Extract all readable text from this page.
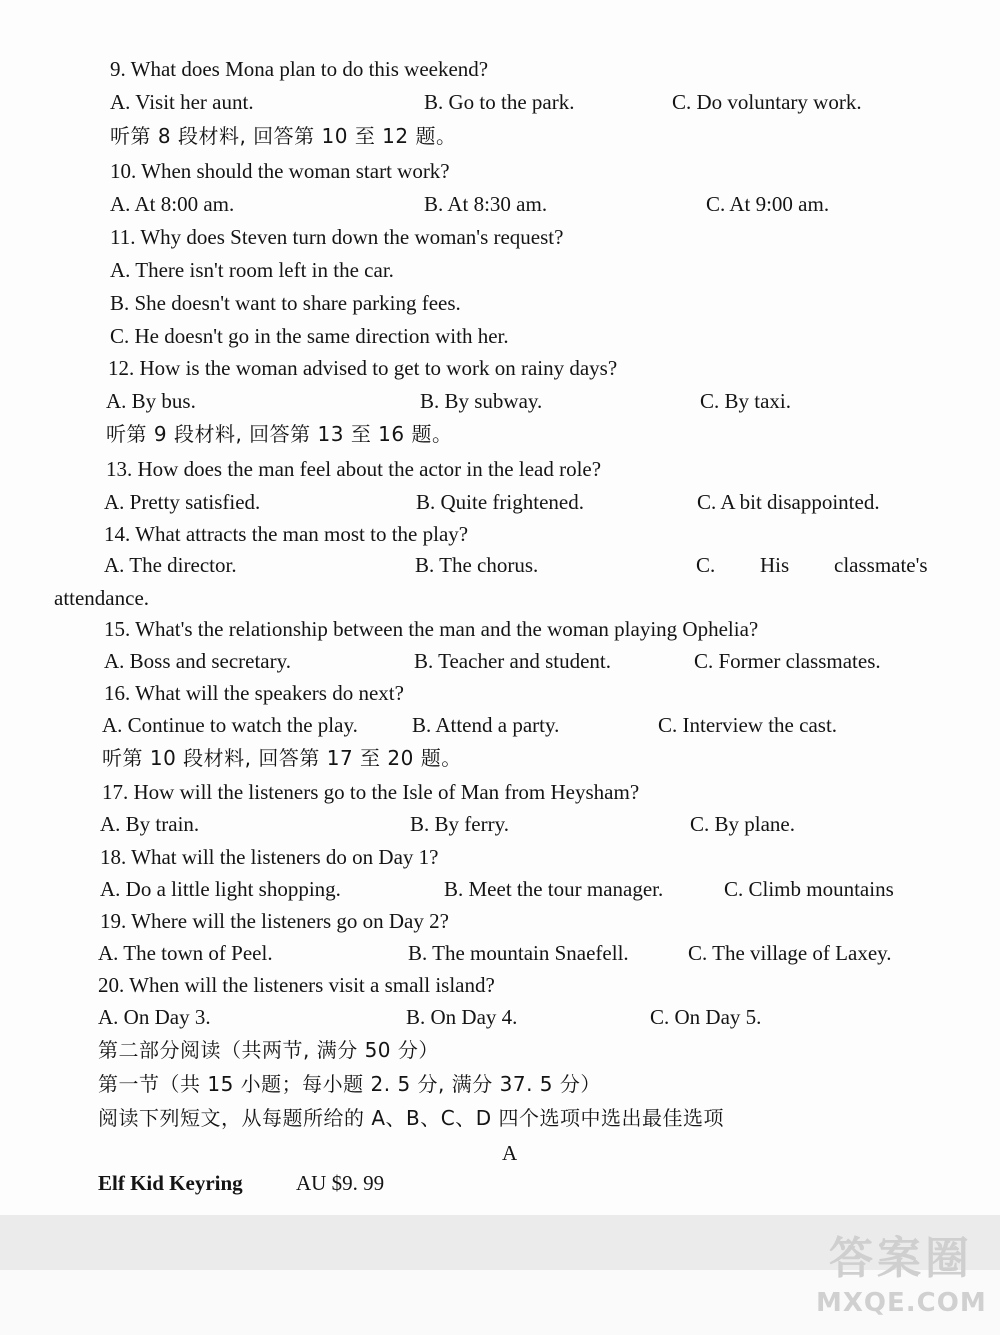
9. What does Mona plan to do this weekend?
A. Visit her aunt.	B. Go to the park.	C. Do voluntary work.
听第 8 段材料, 回答第 10 至 12 题。
10. When should the woman start work?
A. At 8:00 am.	B. At 8:30 am.	C. At 9:00 am.
11. Why does Steven turn down the woman's request?
A. There isn't room left in the car.
B. She doesn't want to share parking fees.
C. He doesn't go in the same direction with her.
12. How is the woman advised to get to work on rainy days?
A. By bus.	B. By subway.	C. By taxi.
听第 9 段材料, 回答第 13 至 16 题。
13. How does the man feel about the actor in the lead role?
A. Pretty satisfied.	B. Quite frightened.	C. A bit disappointed.
14. What attracts the man most to the play?
A. The director.	B. The chorus.	C. His classmate's
attendance.
15. What's the relationship between the man and the woman playing Ophelia?
A. Boss and secretary.	B. Teacher and student.	C. Former classmates.
16. What will the speakers do next?
A. Continue to watch the play.	B. Attend a party.	C. Interview the cast.
听第 10 段材料, 回答第 17 至 20 题。
17. How will the listeners go to the Isle of Man from Heysham?
A. By train.	B. By ferry.	C. By plane.
18. What will the listeners do on Day 1?
A. Do a little light shopping.	B. Meet the tour manager.	C. Climb mountains
19. Where will the listeners go on Day 2?
A. The town of Peel.	B. The mountain Snaefell.	C. The village of Laxey.
20. When will the listeners visit a small island?
A. On Day 3.	B. On Day 4.	C. On Day 5.
第二部分阅读（共两节, 满分 50 分）
第一节（共 15 小题；每小题 2. 5 分, 满分 37. 5 分）
阅读下列短文，从每题所给的 A、B、C、D 四个选项中选出最佳选项
A
Elf Kid Keyring	AU $9. 99
答案圈
MXQE.COM
